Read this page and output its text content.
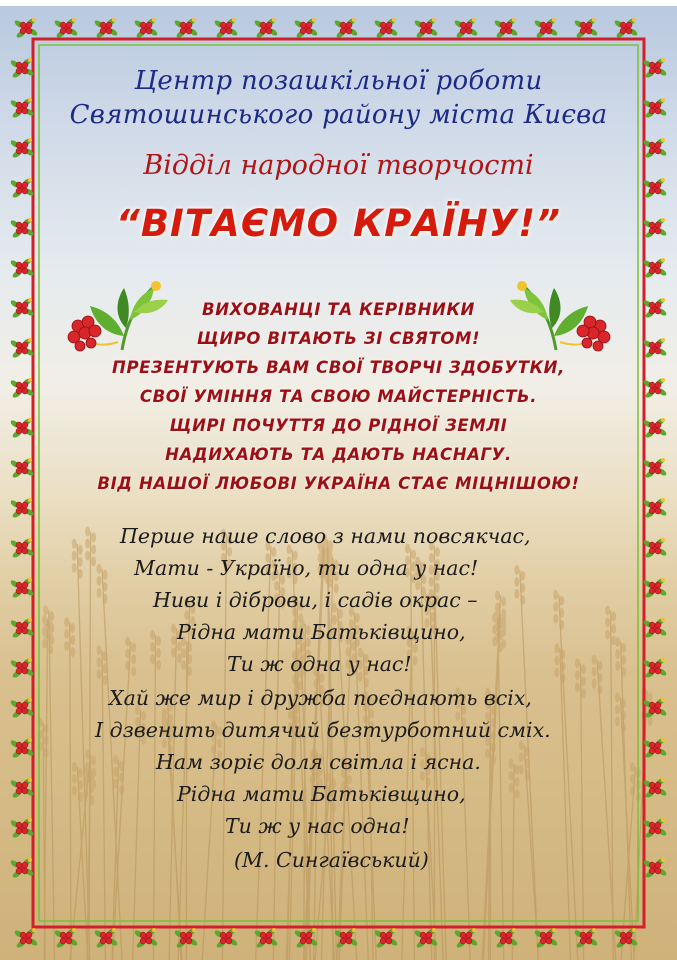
Центр позашкільної роботи
Святошинського району міста Києва
Відділ народної творчості
“ВІТАЄМО КРАЇНУ!”
ВИХОВАНЦІ ТА КЕРІВНИКИ
ЩИРО ВІТАЮТЬ ЗІ СВЯТОМ!
ПРЕЗЕНТУЮТЬ ВАМ СВОЇ ТВОРЧІ ЗДОБУТКИ,
СВОЇ УМІННЯ ТА СВОЮ МАЙСТЕРНІСТЬ.
ЩИРІ ПОЧУТТЯ ДО РІДНОЇ ЗЕМЛІ
НАДИХАЮТЬ ТА ДАЮТЬ НАСНАГУ.
ВІД НАШОЇ ЛЮБОВІ УКРАЇНА СТАЄ МІЦНІШОЮ!
Перше наше слово з нами повсякчас,
Мати - Україно, ти одна у нас!
Ниви і діброви, і садів окрас –
Рідна мати Батьківщино,
Ти ж одна у нас!
Хай же мир і дружба поєднають всіх,
І дзвенить дитячий безтурботний сміх.
Нам зоріє доля світла і ясна.
Рідна мати Батьківщино,
Ти ж у нас одна!
(М. Сингаївський)
